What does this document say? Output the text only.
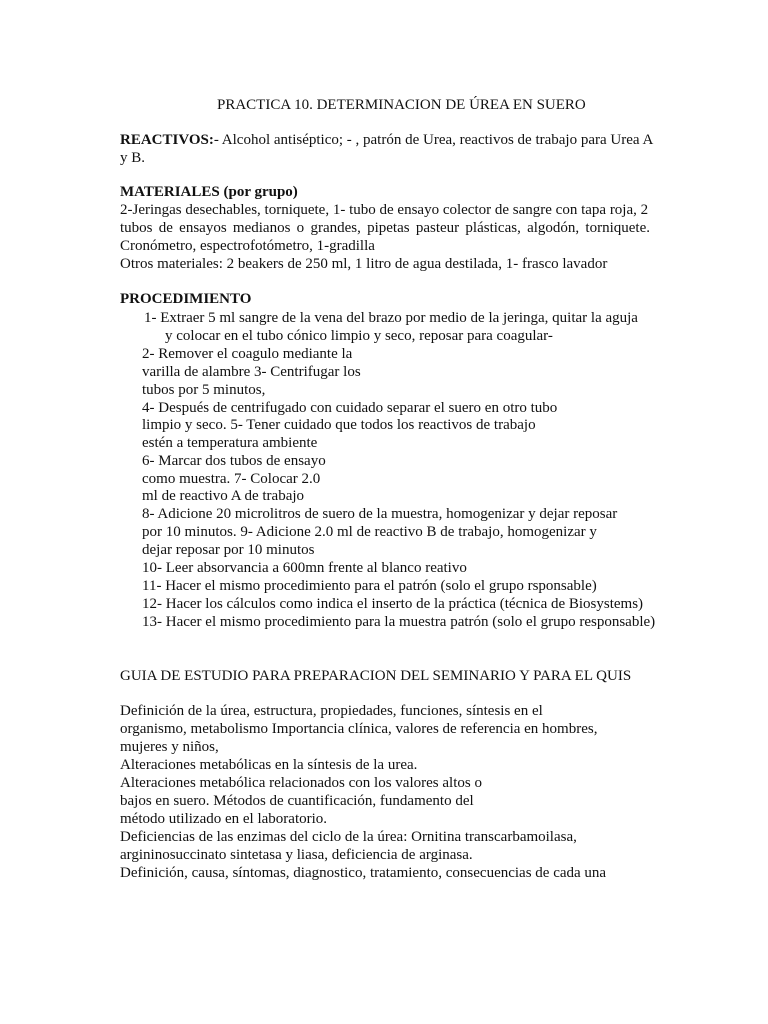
PRACTICA 10. DETERMINACION DE ÚREA EN SUERO
REACTIVOS:- Alcohol antiséptico; - , patrón de Urea, reactivos de trabajo para Urea A
y B.
MATERIALES (por grupo)
2-Jeringas desechables, torniquete, 1- tubo de ensayo colector de sangre con tapa roja, 2
tubos de ensayos medianos o grandes, pipetas pasteur plásticas, algodón, torniquete.
Cronómetro, espectrofotómetro, 1-gradilla
Otros materiales: 2 beakers de 250 ml, 1 litro de agua destilada, 1- frasco lavador
PROCEDIMIENTO
1- Extraer 5 ml sangre de la vena del brazo por medio de la jeringa, quitar la aguja
y colocar en el tubo cónico limpio y seco, reposar para coagular-
2- Remover el coagulo mediante la
varilla de alambre 3- Centrifugar los
tubos por 5 minutos,
4- Después de centrifugado con cuidado separar el suero en otro tubo
limpio y seco. 5- Tener cuidado que todos los reactivos de trabajo
estén a temperatura ambiente
6- Marcar dos tubos de ensayo
como muestra. 7- Colocar 2.0
ml de reactivo A de trabajo
8- Adicione 20 microlitros de suero de la muestra, homogenizar y dejar reposar
por 10 minutos. 9- Adicione 2.0 ml de reactivo B de trabajo, homogenizar y
dejar reposar por 10 minutos
10- Leer absorvancia a 600mn frente al blanco reativo
11- Hacer el mismo procedimiento para el patrón (solo el grupo rsponsable)
12- Hacer los cálculos como indica el inserto de la práctica (técnica de Biosystems)
13- Hacer el mismo procedimiento para la muestra patrón (solo el grupo responsable)
GUIA DE ESTUDIO PARA PREPARACION DEL SEMINARIO Y PARA EL QUIS
Definición de la úrea, estructura, propiedades, funciones, síntesis en el
organismo, metabolismo Importancia clínica, valores de referencia en hombres,
mujeres y niños,
Alteraciones metabólicas en la síntesis de la urea.
Alteraciones metabólica relacionados con los valores altos o
bajos en suero. Métodos de cuantificación, fundamento del
método utilizado en el laboratorio.
Deficiencias de las enzimas del ciclo de la úrea: Ornitina transcarbamoilasa,
argininosuccinato sintetasa y liasa, deficiencia de arginasa.
Definición, causa, síntomas, diagnostico, tratamiento, consecuencias de cada una
